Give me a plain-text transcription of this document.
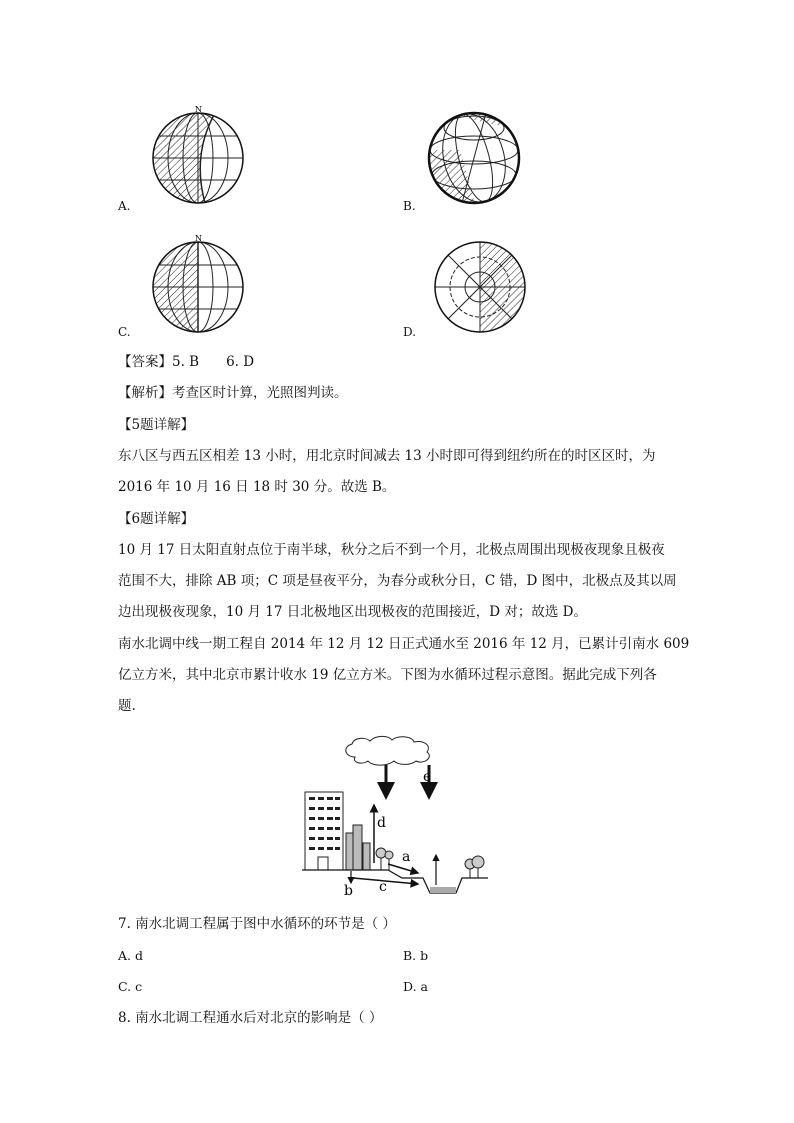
N
N
A.	B.
C.	D.
【答案】5. B　　6. D
【解析】考查区时计算，光照图判读。
【5题详解】
东八区与西五区相差 13 小时，用北京时间减去 13 小时即可得到纽约所在的时区区时，为
2016 年 10 月 16 日 18 时 30 分。故选 B。
【6题详解】
10 月 17 日太阳直射点位于南半球，秋分之后不到一个月，北极点周围出现极夜现象且极夜
范围不大，排除 AB 项；C 项是昼夜平分，为春分或秋分日，C 错，D 图中，北极点及其以周
边出现极夜现象，10 月 17 日北极地区出现极夜的范围接近，D 对；故选 D。
南水北调中线一期工程自 2014 年 12 月 12 日正式通水至 2016 年 12 月，已累计引南水 609
亿立方米，其中北京市累计收水 19 亿立方米。下图为水循环过程示意图。据此完成下列各
题.
d
e
a
b c
7. 南水北调工程属于图中水循环的环节是（ ）
A. d	B. b
C. c	D. a
8. 南水北调工程通水后对北京的影响是（ ）
